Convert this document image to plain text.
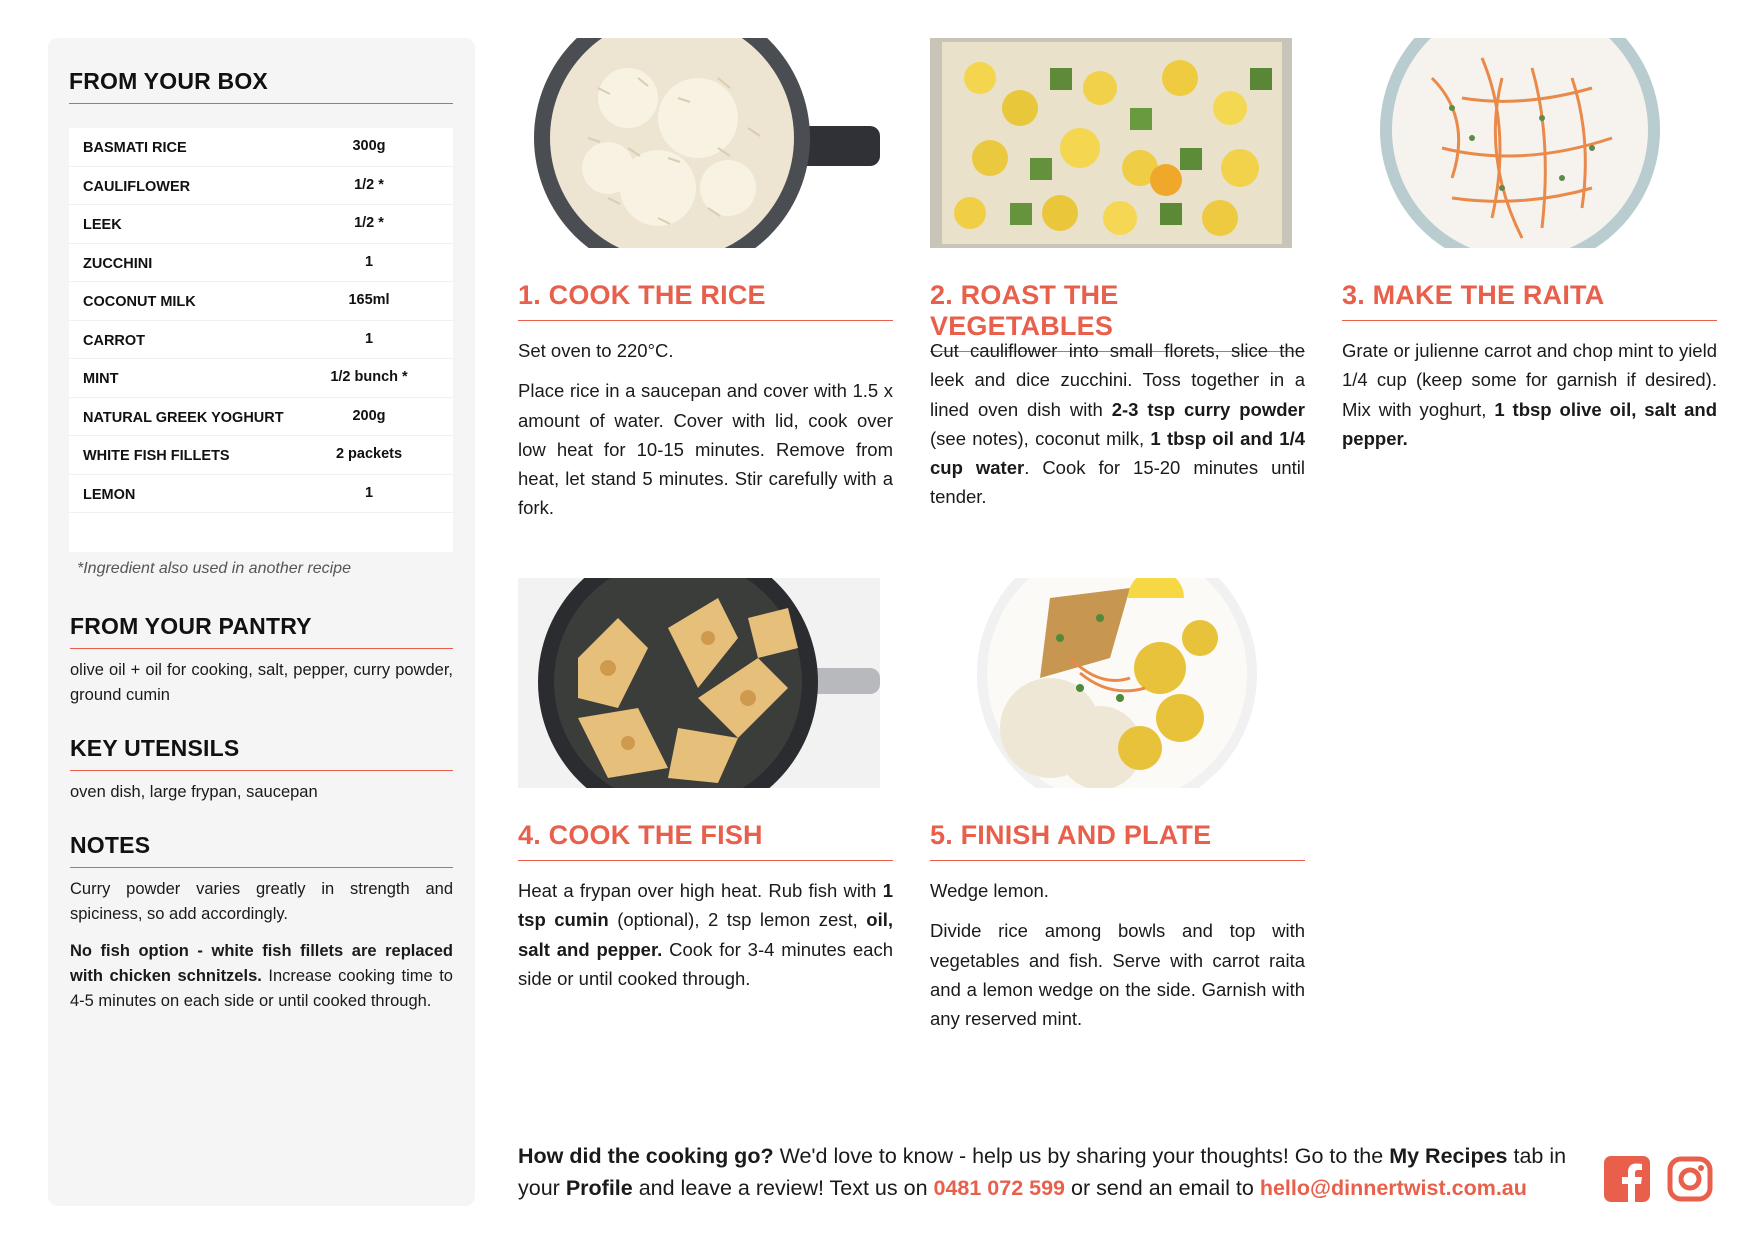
FROM YOUR BOX
BASMATI RICE	300g
CAULIFLOWER	1/2 *
LEEK	1/2 *
ZUCCHINI	1
COCONUT MILK	165ml
CARROT	1
MINT	1/2 bunch *
NATURAL GREEK YOGHURT	200g
WHITE FISH FILLETS	2 packets
LEMON	1
*Ingredient also used in another recipe
FROM YOUR PANTRY
olive oil + oil for cooking, salt, pepper, curry powder, ground cumin
KEY UTENSILS
oven dish, large frypan, saucepan
NOTES
Curry powder varies greatly in strength and spiciness, so add accordingly.
No fish option - white fish fillets are replaced with chicken schnitzels. Increase cooking time to 4-5 minutes on each side or until cooked through.
1. COOK THE RICE

Set oven to 220°C.

Place rice in a saucepan and cover with 1.5 x amount of water. Cover with lid, cook over low heat for 10-15 minutes. Remove from heat, let stand 5 minutes. Stir carefully with a fork.

2. ROAST THE VEGETABLES

Cut cauliflower into small florets, slice the leek and dice zucchini. Toss together in a lined oven dish with 2-3 tsp curry powder (see notes), coconut milk, 1 tbsp oil and 1/4 cup water. Cook for 15-20 minutes until tender.

3. MAKE THE RAITA

Grate or julienne carrot and chop mint to yield 1/4 cup (keep some for garnish if desired). Mix with yoghurt, 1 tbsp olive oil, salt and pepper.

4. COOK THE FISH

Heat a frypan over high heat. Rub fish with 1 tsp cumin (optional), 2 tsp lemon zest, oil, salt and pepper. Cook for 3-4 minutes each side or until cooked through.

5. FINISH AND PLATE

Wedge lemon.

Divide rice among bowls and top with vegetables and fish. Serve with carrot raita and a lemon wedge on the side. Garnish with any reserved mint.

How did the cooking go? We'd love to know - help us by sharing your thoughts! Go to the My Recipes tab in your Profile and leave a review! Text us on 0481 072 599 or send an email to hello@dinnertwist.com.au
